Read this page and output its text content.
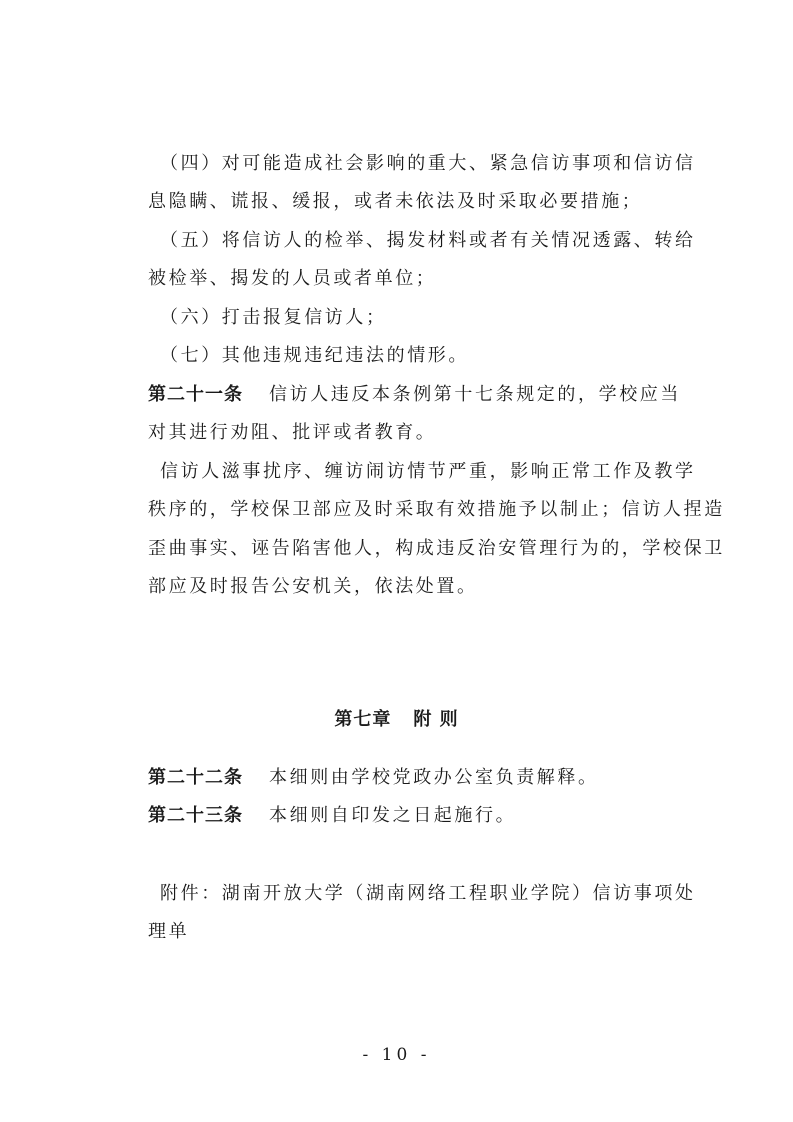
（四）对可能造成社会影响的重大、紧急信访事项和信访信
息隐瞒、谎报、缓报，或者未依法及时采取必要措施；
（五）将信访人的检举、揭发材料或者有关情况透露、转给
被检举、揭发的人员或者单位；
（六）打击报复信访人；
（七）其他违规违纪违法的情形。
第二十一条 信访人违反本条例第十七条规定的，学校应当
对其进行劝阻、批评或者教育。
信访人滋事扰序、缠访闹访情节严重，影响正常工作及教学
秩序的，学校保卫部应及时采取有效措施予以制止；信访人捏造
歪曲事实、诬告陷害他人，构成违反治安管理行为的，学校保卫
部应及时报告公安机关，依法处置。
第七章 附 则
第二十二条 本细则由学校党政办公室负责解释。
第二十三条 本细则自印发之日起施行。
附件：湖南开放大学（湖南网络工程职业学院）信访事项处
理单
- 10 -
